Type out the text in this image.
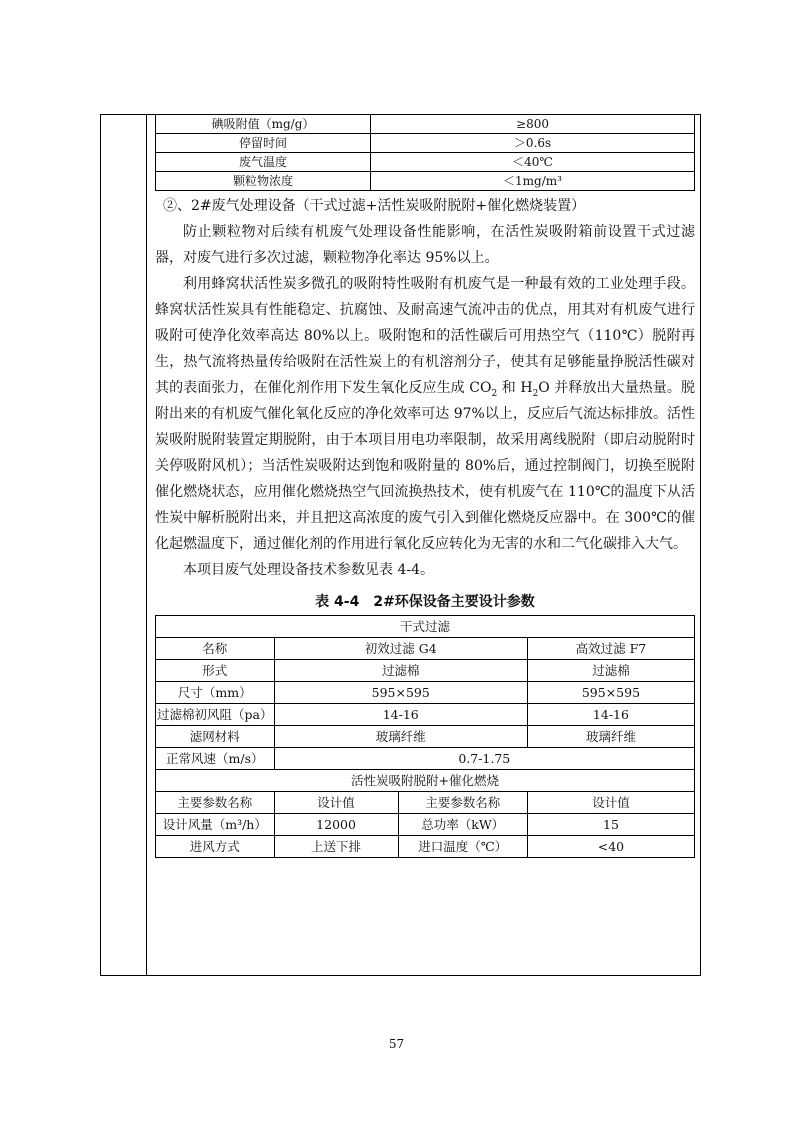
碘吸附值（mg/g）	≥800
停留时间	＞0.6s
废气温度	＜40℃
颗粒物浓度	＜1mg/m³

②、2#废气处理设备（干式过滤+活性炭吸附脱附+催化燃烧装置）

防止颗粒物对后续有机废气处理设备性能影响，在活性炭吸附箱前设置干式过滤器，对废气进行多次过滤，颗粒物净化率达 95%以上。

利用蜂窝状活性炭多微孔的吸附特性吸附有机废气是一种最有效的工业处理手段。蜂窝状活性炭具有性能稳定、抗腐蚀、及耐高速气流冲击的优点，用其对有机废气进行吸附可使净化效率高达 80%以上。吸附饱和的活性碳后可用热空气（110℃）脱附再生，热气流将热量传给吸附在活性炭上的有机溶剂分子，使其有足够能量挣脱活性碳对其的表面张力，在催化剂作用下发生氧化反应生成 $CO_2$ 和 $H_2O$ 并释放出大量热量。脱附出来的有机废气催化氧化反应的净化效率可达 97%以上，反应后气流达标排放。活性炭吸附脱附装置定期脱附，由于本项目用电功率限制，故采用离线脱附（即启动脱附时关停吸附风机）；当活性炭吸附达到饱和吸附量的 80%后，通过控制阀门，切换至脱附催化燃烧状态，应用催化燃烧热空气回流换热技术，使有机废气在 110℃的温度下从活性炭中解析脱附出来，并且把这高浓度的废气引入到催化燃烧反应器中。在 300℃的催化起燃温度下，通过催化剂的作用进行氧化反应转化为无害的水和二气化碳排入大气。

本项目废气处理设备技术参数见表 4-4。

表 4-4　2#环保设备主要设计参数
干式过滤			
名称	初效过滤 G4		高效过滤 F7
形式	过滤棉		过滤棉
尺寸（mm）	595×595		595×595
过滤棉初风阻（pa）	14-16		14-16
滤网材料	玻璃纤维		玻璃纤维
正常风速（m/s）	0.7-1.75		
活性炭吸附脱附+催化燃烧			
主要参数名称	设计值	主要参数名称	设计值
设计风量（m³/h）	12000	总功率（kW）	15
进风方式	上送下排	进口温度（℃）	<40
57
